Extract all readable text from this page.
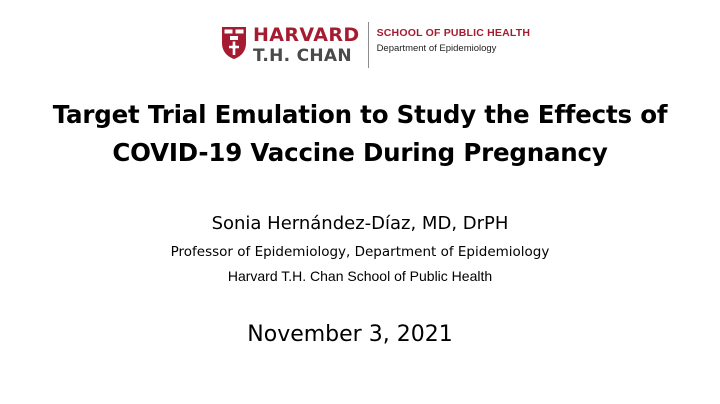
HARVARD
T.H. CHAN
SCHOOL OF PUBLIC HEALTH
Department of Epidemiology
Target Trial Emulation to Study the Effects of
COVID-19 Vaccine During Pregnancy
Sonia Hernández-Díaz, MD, DrPH
Professor of Epidemiology, Department of Epidemiology
Harvard T.H. Chan School of Public Health
November 3, 2021
